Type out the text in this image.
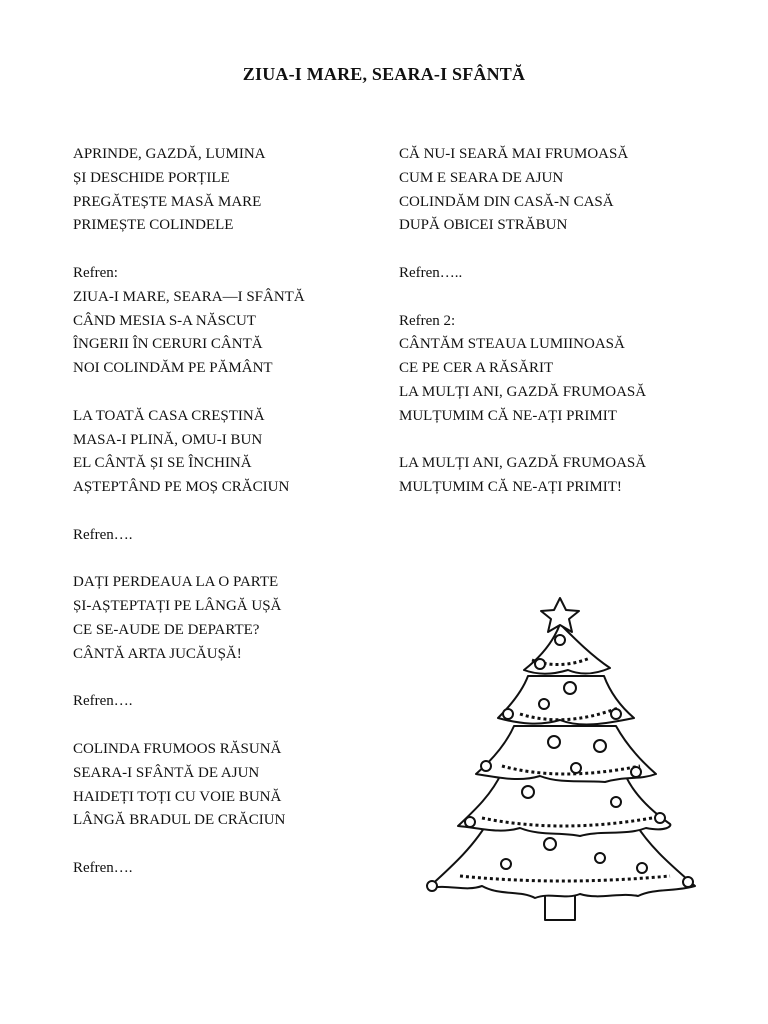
ZIUA-I MARE, SEARA-I SFÂNTĂ
APRINDE, GAZDĂ, LUMINA
ȘI DESCHIDE PORȚILE
PREGĂTEȘTE MASĂ MARE
PRIMEȘTE COLINDELE
Refren:
ZIUA-I MARE, SEARA—I SFÂNTĂ
CÂND MESIA S-A NĂSCUT
ÎNGERII ÎN CERURI CÂNTĂ
NOI COLINDĂM PE PĂMÂNT
LA TOATĂ CASA CREȘTINĂ
MASA-I PLINĂ, OMU-I BUN
EL CÂNTĂ ȘI SE ÎNCHINĂ
AȘTEPTÂND PE MOȘ CRĂCIUN
Refren….
DAȚI PERDEAUA LA O PARTE
ȘI-AȘTEPTAȚI PE LÂNGĂ UȘĂ
CE SE-AUDE DE DEPARTE?
CÂNTĂ ARTA JUCĂUȘĂ!
Refren….
COLINDA FRUMOOS RĂSUNĂ
SEARA-I SFÂNTĂ DE AJUN
HAIDEȚI TOȚI CU VOIE BUNĂ
LÂNGĂ BRADUL DE CRĂCIUN
Refren….
CĂ NU-I SEARĂ MAI FRUMOASĂ
CUM E SEARA DE AJUN
COLINDĂM DIN CASĂ-N CASĂ
DUPĂ OBICEI STRĂBUN
Refren…..
Refren 2:
CÂNTĂM STEAUA LUMIINOASĂ
CE PE CER A RĂSĂRIT
LA MULȚI ANI, GAZDĂ FRUMOASĂ
MULȚUMIM CĂ NE-AȚI PRIMIT
LA MULȚI ANI, GAZDĂ FRUMOASĂ
MULȚUMIM CĂ NE-AȚI PRIMIT!
